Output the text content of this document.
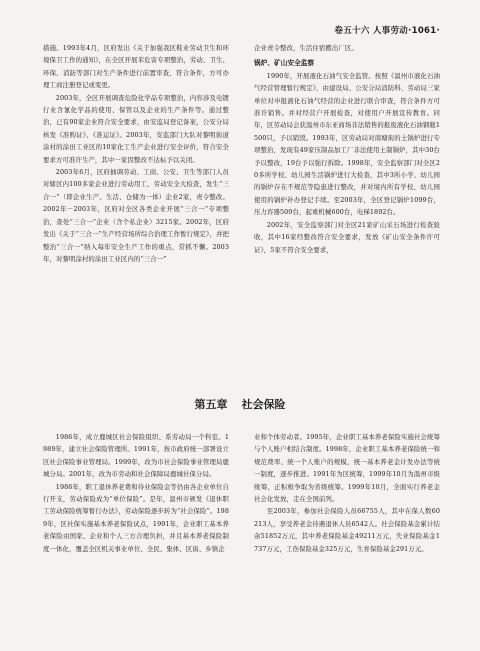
卷五十六 人事劳动·1061·

措施。1993年4月，区府发出《关于加强我区鞋业劳动卫生和环境保卫工作的通知》，在全区开展苯危害专项整治，劳动、卫生、环保、消防等部门对生产条件进行前置审查，符合条件，方可办理工商注册登记或变更。

2003年，全区开展调查危险化学品专项整治，内容涉及电镀行业含氰化学品的使用、保管以及企业的生产条件等。通过整治，已有90家企业符合安全要求，由安监局登记备案，公安分局核发《准购证》、《准运证》。2003年，安监部门大队对黎明街道涂村的涂田工业区的10家化工生产企业进行安全评价，符合安全要求方可准许生产，其中一家因整改不达标予以关闭。

2003年6月，区府抽调劳动、工商、公安、卫生等部门人员对辖区内100多家企业进行劳动用工、劳动安全大检查，发生“三合一”（即企业生产、生活、仓储为一体）企业2家，责令整改。2002年－2003年，区府对全区各类企业开展“三合一”专项整治，查处“三合一”企业（含个私企业）3215家。2002年，区府发出《关于“三合一”生产经营场所综合治理工作暂行规定》，并把整治“三合一”纳入每年安全生产工作的重点，常抓不懈。2003年，对黎明涂村的涂田工业区内的“三合一”

企业责令整改，生活住宿搬出厂区。

锅炉、矿山安全监察

1990年，开展液化石油气安全监管。按照《温州市液化石油气经营管理暂行规定》，由建设局、公安分局消防科、劳动局三家单位对申报液化石油气经营的企业进行联合审查，符合条件方可准许销售。并对经营户开展检查，对使用户开展宣传教育。同年，区劳动局会获温州市东亚商场非法销售的报废液化石油钢瓶1500只，予以销毁。1993年，区劳动局对南塘街的土锅炉进行专项整治，发现有49家压制品加工厂非法使用土制锅炉，其中30台予以整改，19台予以强行拆除。1998年，安全监察部门对全区20多所学校、幼儿园生活锅炉进行大检查，其中3所小学、幼儿园的锅炉存在不规范等隐患进行整改，并对境内所有学校、幼儿园使用的锅炉补办登记手续。至2003年，全区登记锅炉1099台，压力容器509台，起重机械600台，电梯1892台。

2002年，安全监察部门对全区21家矿山采石场进行检查验收，其中16家经整改符合安全要求，发放《矿山安全条件许可证》，5家不符合安全要求，

第五章 社会保险

1986年，成立鹿城区社会保险组织、系劳动局一个科室。1989年，建立社会保险管理所。1991年，按市政府统一部署设立区社会保险事业管理局。1999年，改为市社会保险事业管理局鹿城分局。2001年，改为市劳动和社会保障局鹿城社保分局。

1986年，职工退休养老费和待业保险金等仍由各企业单位自行开支，劳动保险成为“单位保险”。是年，温州市颁发《退休职工劳动保险统筹暂行办法》，劳动保险逐步转为“社会保险”。1989年，区社保实施基本养老保险试点，1991年，企业职工基本养老保险由国家、企业和个人三方合理负担，并且基本养老保险制度一体化，覆盖全区机关事业单位、全民、集体、区街、乡镇企

业和个体劳动者。1995年，企业职工基本养老保险实施社会统筹与个人账户相结合制度。1998年，企业职工基本养老保险统一和规范费率、统一个人账户的规模，统一基本养老金计发办法等统一制度，逐步推进。1991年为区统筹，1999年10月为温州市级统筹，正积极争取为省级统筹。1999年10月，全面实行养老金社会化发放，走在全国前列。

至2003年，参加社会保险人员66755人，其中在保人数60213人，享受养老金待遇退休人员6542人。社会保险基金累计结余51852万元，其中养老保险基金49211万元，失业保险基金1737万元，工伤保险基金325万元，生育保险基金291万元。
